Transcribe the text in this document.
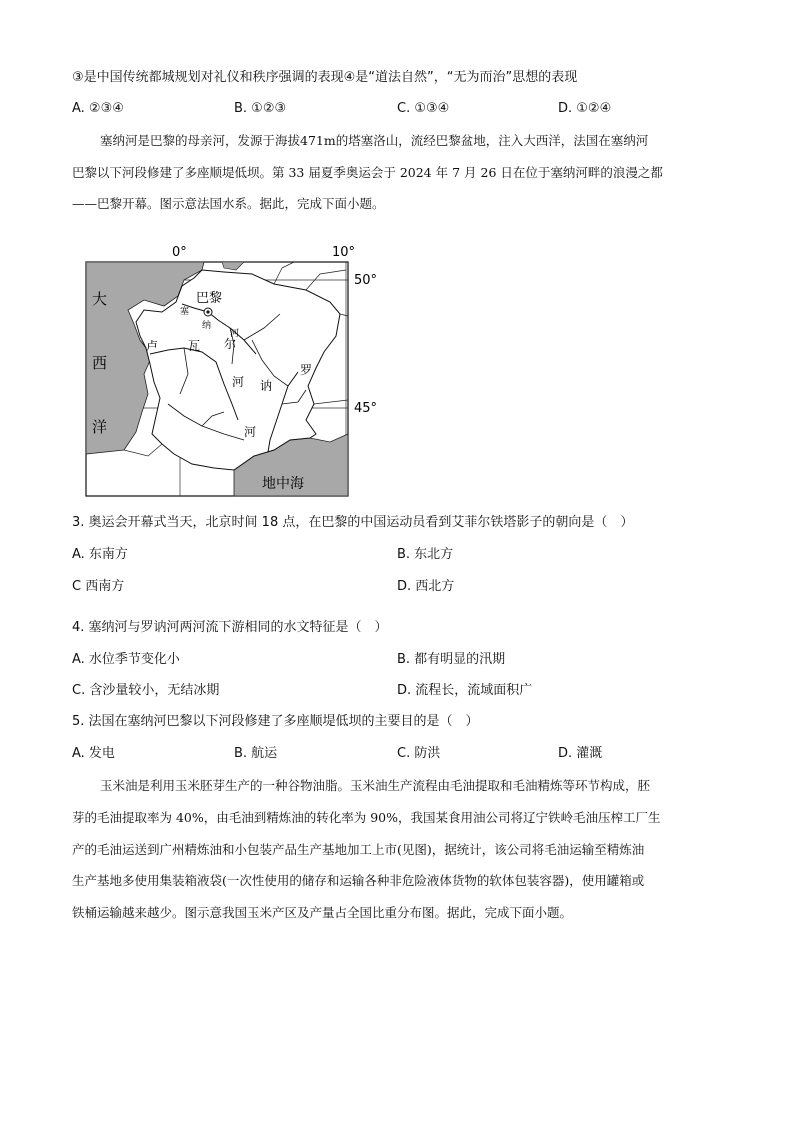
③是中国传统都城规划对礼仪和秩序强调的表现④是“道法自然”，“无为而治”思想的表现
A. ②③④	B. ①②③	C. ①③④	D. ①②④
塞纳河是巴黎的母亲河，发源于海拔471m的塔塞洛山，流经巴黎盆地，注入大西洋，法国在塞纳河
巴黎以下河段修建了多座顺堤低坝。第 33 届夏季奥运会于 2024 年 7 月 26 日在位于塞纳河畔的浪漫之都
——巴黎开幕。图示意法国水系。据此，完成下面小题。
0°	10°
50°
45°
大
西
洋
地中海
巴黎
塞
纳
河
卢 瓦 尔
河
罗
讷
河
3. 奥运会开幕式当天，北京时间 18 点，在巴黎的中国运动员看到艾菲尔铁塔影子的朝向是（　）
A. 东南方	B. 东北方
C 西南方	D. 西北方
4. 塞纳河与罗讷河两河流下游相同的水文特征是（　）
A. 水位季节变化小	B. 都有明显的汛期
C. 含沙量较小，无结冰期	D. 流程长，流域面积广
5. 法国在塞纳河巴黎以下河段修建了多座顺堤低坝的主要目的是（　）
A. 发电	B. 航运	C. 防洪	D. 灌溉
玉米油是利用玉米胚芽生产的一种谷物油脂。玉米油生产流程由毛油提取和毛油精炼等环节构成，胚
芽的毛油提取率为 40%，由毛油到精炼油的转化率为 90%，我国某食用油公司将辽宁铁岭毛油压榨工厂生
产的毛油运送到广州精炼油和小包装产品生产基地加工上市(见图)，据统计，该公司将毛油运输至精炼油
生产基地多使用集装箱液袋(一次性使用的储存和运输各种非危险液体货物的软体包装容器)，使用罐箱或
铁桶运输越来越少。图示意我国玉米产区及产量占全国比重分布图。据此，完成下面小题。
